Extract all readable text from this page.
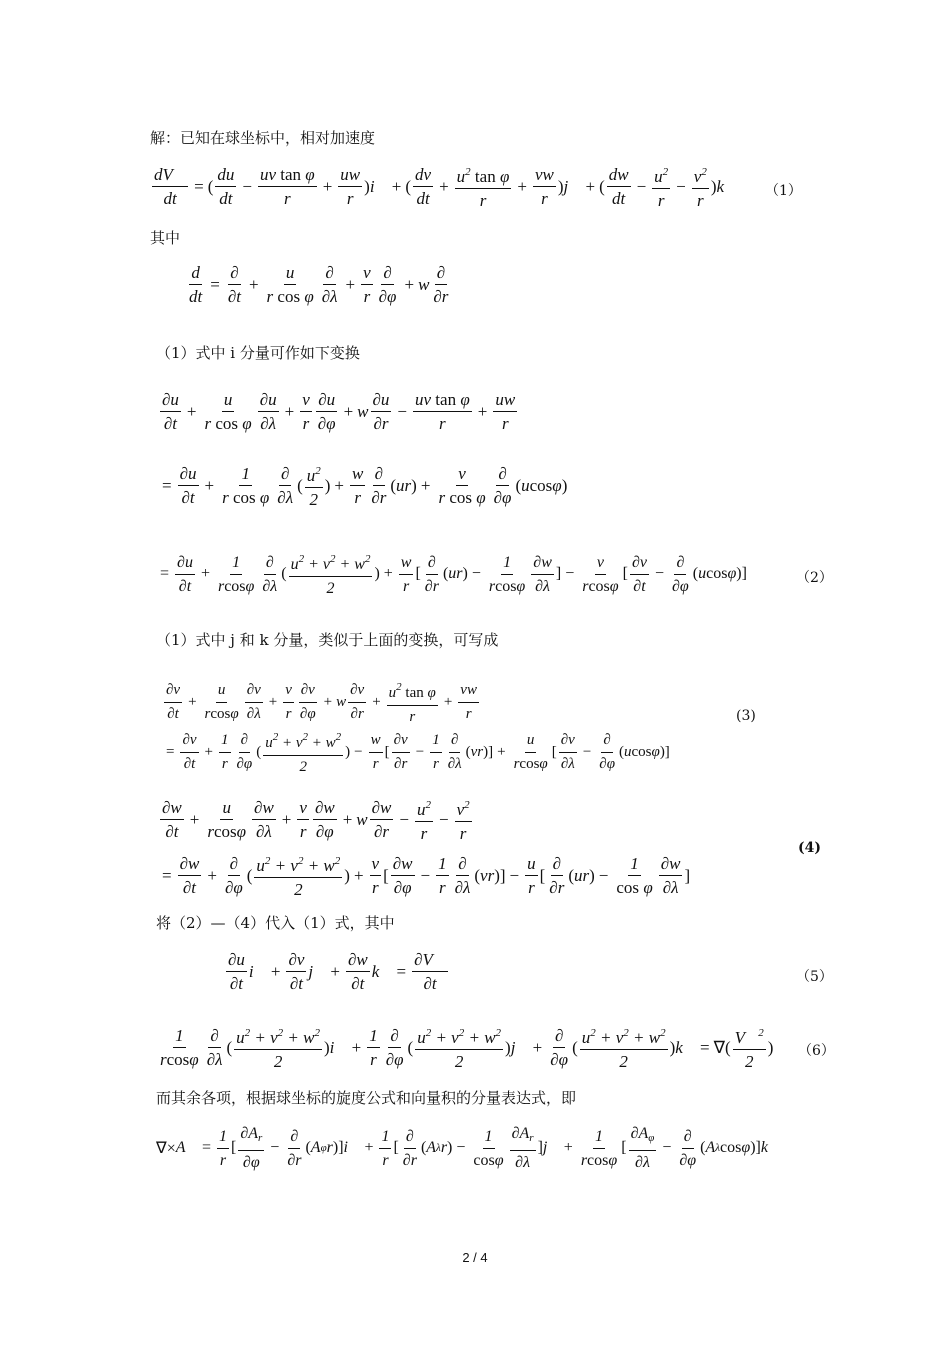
解：已知在球坐标中，相对加速度
$\frac{dV⃗}{dt}$ = (
du
dt
− $\frac{\text{uv tan φ}}{r} + \frac{uw}{r}$ ) i⃗ + (
dv
dt
+ $\frac{u^2 \tan \varphi}{r} + \frac{vw}{r}$ ) j⃗ + (
dw
dt
− $\frac{u^2}{r} - \frac{v^2}{r}$ ) k⃗ （1）
其中
$\frac{d}{dt}$ =
∂
∂t
+ $\frac{u}{\text{r cos φ}}$ ∂
∂λ
+ $\frac{v}{r}$ ∂
∂φ
+ w
∂
∂r
（1）式中 i 分量可作如下变换
∂u
∂t
+ $\frac{u}{\text{r cos φ}} \partial u$
∂λ
+ $\frac{v}{r} \partial u$
∂φ
+ w $\frac{\partial u}{\partial r} - \frac{\text{uv tan φ}}{r} + \frac{uw}{r}$
= $\frac{\partial u}{\partial t} + \frac{1}{\text{r cos φ}}$ ∂
∂λ
( $u^2$
2
) + $\frac{w}{r}$ ∂
∂r
( ur ) + $\frac{v}{\text{r cos φ}}$ ∂
∂φ
( u cos φ )
= $\frac{\partial u}{\partial t} + \frac{1}{rcos\varphi}$ ∂
∂λ
(
$u^2 + v^2 + w^2$
2
) + $\frac{w}{r}$ [
∂
∂r
( ur ) − $\frac{1}{rcos\varphi} \partial w$
∂λ
] − $\frac{v}{rcos\varphi}$ [
∂v
∂t
−
∂
∂φ
( u cos φ )]	（2）
（1）式中 j 和 k 分量，类似于上面的变换，可写成
∂v
∂t
+ $\frac{u}{rcos\varphi} \partial v$
∂λ
+ $\frac{v}{r} \partial v$
∂φ
+ w $\frac{\partial v}{\partial r} + \frac{u^2 \tan \varphi}{r} + \frac{vw}{r}$
= $\frac{\partial v}{\partial t} + \frac{1}{r}$ ∂
∂φ
(
$u^2 + v^2 + w^2$
2
) − $\frac{w}{r}$ [
∂v
∂r
− $\frac{1}{r}$ ∂
∂λ
( vr )] + $\frac{u}{rcos\varphi}$ [
∂v
∂λ
−
∂
∂φ
( u cos φ )]
(3)
∂w
∂t
+ $\frac{u}{rcos\varphi} \partial w$
∂λ
+ $\frac{v}{r} \partial w$
∂φ
+ w $\frac{\partial w}{\partial r} - \frac{u^2}{r} - \frac{v^2}{r}$
= $\frac{\partial w}{\partial t}$ +
∂
∂φ
( $u^2 + v^2 + w^2$
2
) + $\frac{v}{r}$ [
∂w
∂φ
− $\frac{1}{r}$ ∂
∂λ
( vr )] − $\frac{u}{r}$ [
∂
∂r
( ur ) − $\frac{1}{\text{cos φ}} \partial w$
∂λ
]
(4)
将（2）—（4）代入（1）式，其中
∂u
∂t
i⃗ + $\frac{\partial v}{\partial t}$ j⃗ + $\frac{\partial w}{\partial t}$ k⃗ = $\frac{\partial V⃗}{\partial t}$	（5）
1
rcosφ
∂
∂λ
( $u^2 + v^2 + w^2$
2
) i⃗ + $\frac{1}{r}$ ∂
∂φ
( $u^2 + v^2 + w^2$
2
) j⃗ +
∂
∂φ
( $u^2 + v^2 + w^2$
2
) k⃗ = ∇( V⃗$^2$
2
) （6）
而其余各项，根据球坐标的旋度公式和向量积的分量表达式，即
∇× A⃗ = $\frac{1}{r}$ [
$\partial A_r$
∂φ
−
∂
∂r
( A φ r )] i⃗ + $\frac{1}{r}$ [
∂
∂r
( A λ r ) − $\frac{1}{\cos\varphi} \partial A_r$
∂λ
] j⃗ + $\frac{1}{rcos\varphi}$ [
$\partial A_\varphi$
∂λ
−
∂
∂φ
( A λ cos φ )] k⃗
2 / 4
